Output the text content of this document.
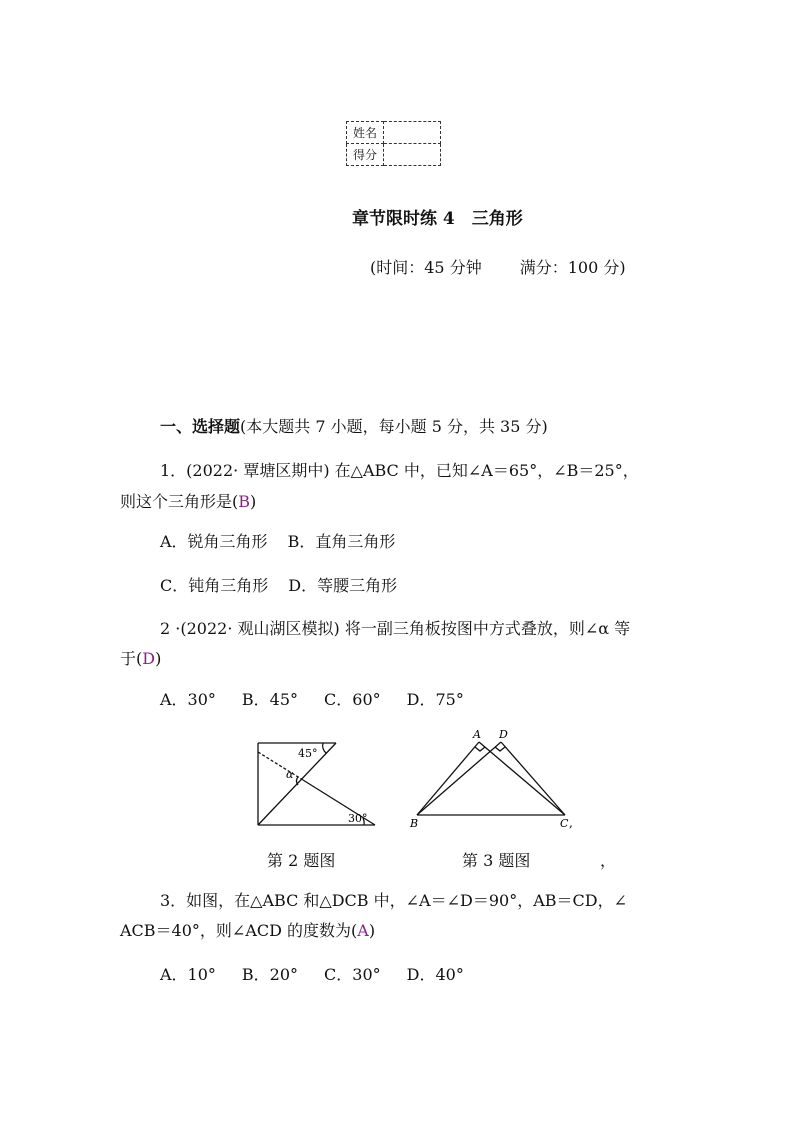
姓名	
得分	
章节限时练 4　三角形
(时间：45 分钟 满分：100 分)
一、选择题(本大题共 7 小题，每小题 5 分，共 35 分)
1．(2022· 覃塘区期中) 在△ABC 中，已知∠A＝65°，∠B＝25°，
则这个三角形是(B)
A．锐角三角形 B．直角三角形
C．钝角三角形 D．等腰三角形
2 ·(2022· 观山湖区模拟) 将一副三角板按图中方式叠放，则∠α 等
于(D)
A．30° B．45° C．60° D．75°
45°
α
30°
第 2 题图
A D
B	C ,
第 3 题图	，
3．如图，在△ABC 和△DCB 中，∠A＝∠D＝90°，AB＝CD，∠
ACB＝40°，则∠ACD 的度数为(A)
A．10° B．20° C．30° D．40°
